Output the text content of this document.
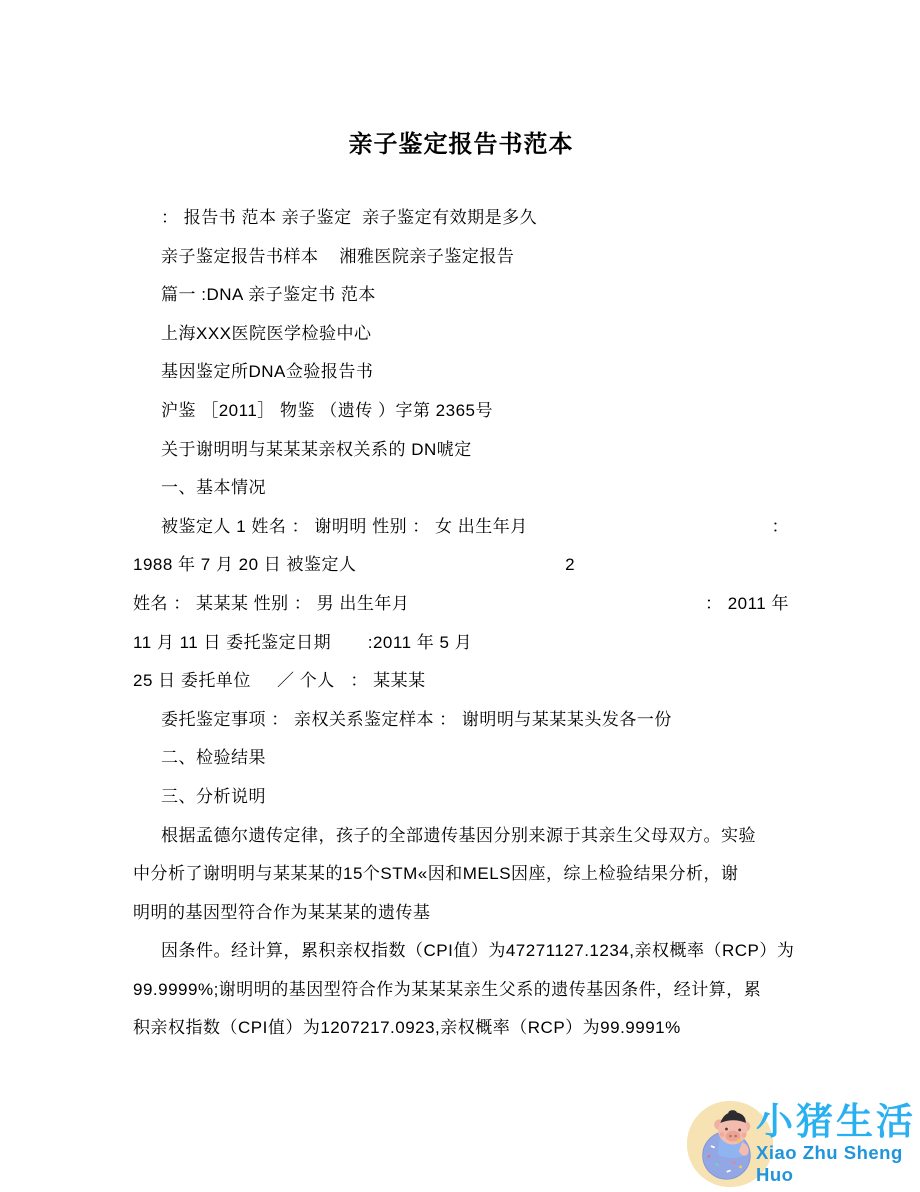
亲子鉴定报告书范本
： 报告书 范本 亲子鉴定  亲子鉴定有效期是多久
亲子鉴定报告书样本    湘雅医院亲子鉴定报告
篇一 :DNA 亲子鉴定书 范本
上海XXX医院医学检验中心
基因鉴定所DNA佥验报告书
沪鉴 ［2011］ 物鉴 （遗传 ）字第 2365号
关于谢明明与某某某亲权关系的 DN唬定
一、基本情况
被鉴定人 1 姓名 ： 谢明明 性别 ： 女 出生年月	：
1988 年 7 月 20 日 被鉴定人	2

姓名 ： 某某某 性别 ： 男 出生年月	： 2011 年
11 月 11 日 委托鉴定日期       :2011 年 5 月
25 日 委托单位     ／ 个人   ： 某某某
委托鉴定事项 ： 亲权关系鉴定样本 ： 谢明明与某某某头发各一份
二、检验结果
三、分析说明
根据孟德尔遗传定律，孩子的全部遗传基因分别来源于其亲生父母双方。实验
中分析了谢明明与某某某的15个STM«因和MELS因座，综上检验结果分析，谢
明明的基因型符合作为某某某的遗传基
因条件。经计算，累积亲权指数（CPI值）为47271127.1234,亲权概率（RCP）为
99.9999%;谢明明的基因型符合作为某某某亲生父系的遗传基因条件，经计算，累
积亲权指数（CPI值）为1207217.0923,亲权概率（RCP）为99.9991%
小猪生活
Xiao Zhu Sheng Huo
